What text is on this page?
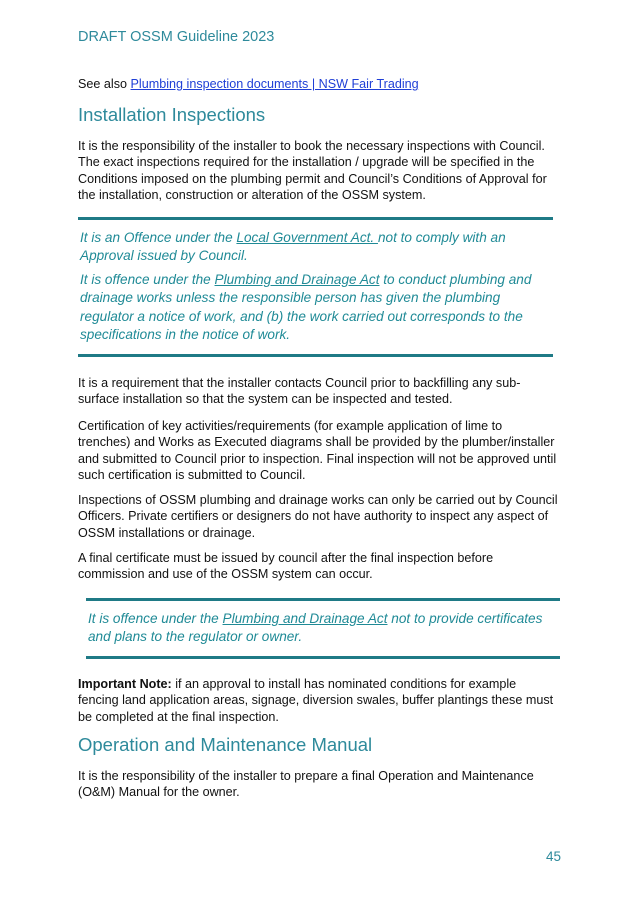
DRAFT OSSM Guideline 2023
See also Plumbing inspection documents | NSW Fair Trading
Installation Inspections
It is the responsibility of the installer to book the necessary inspections with Council. The exact inspections required for the installation / upgrade will be specified in the Conditions imposed on the plumbing permit and Council’s Conditions of Approval for the installation, construction or alteration of the OSSM system.

It is an Offence under the Local Government Act. not to comply with an Approval issued by Council.

It is offence under the Plumbing and Drainage Act to conduct plumbing and drainage works unless the responsible person has given the plumbing regulator a notice of work, and (b) the work carried out corresponds to the specifications in the notice of work.

It is a requirement that the installer contacts Council prior to backfilling any sub-surface installation so that the system can be inspected and tested.
Certification of key activities/requirements (for example application of lime to trenches) and Works as Executed diagrams shall be provided by the plumber/installer and submitted to Council prior to inspection. Final inspection will not be approved until such certification is submitted to Council.
Inspections of OSSM plumbing and drainage works can only be carried out by Council Officers. Private certifiers or designers do not have authority to inspect any aspect of OSSM installations or drainage.
A final certificate must be issued by council after the final inspection before commission and use of the OSSM system can occur.

It is offence under the Plumbing and Drainage Act not to provide certificates and plans to the regulator or owner.

Important Note: if an approval to install has nominated conditions for example fencing land application areas, signage, diversion swales, buffer plantings these must be completed at the final inspection.
Operation and Maintenance Manual
It is the responsibility of the installer to prepare a final Operation and Maintenance (O&M) Manual for the owner.
45
